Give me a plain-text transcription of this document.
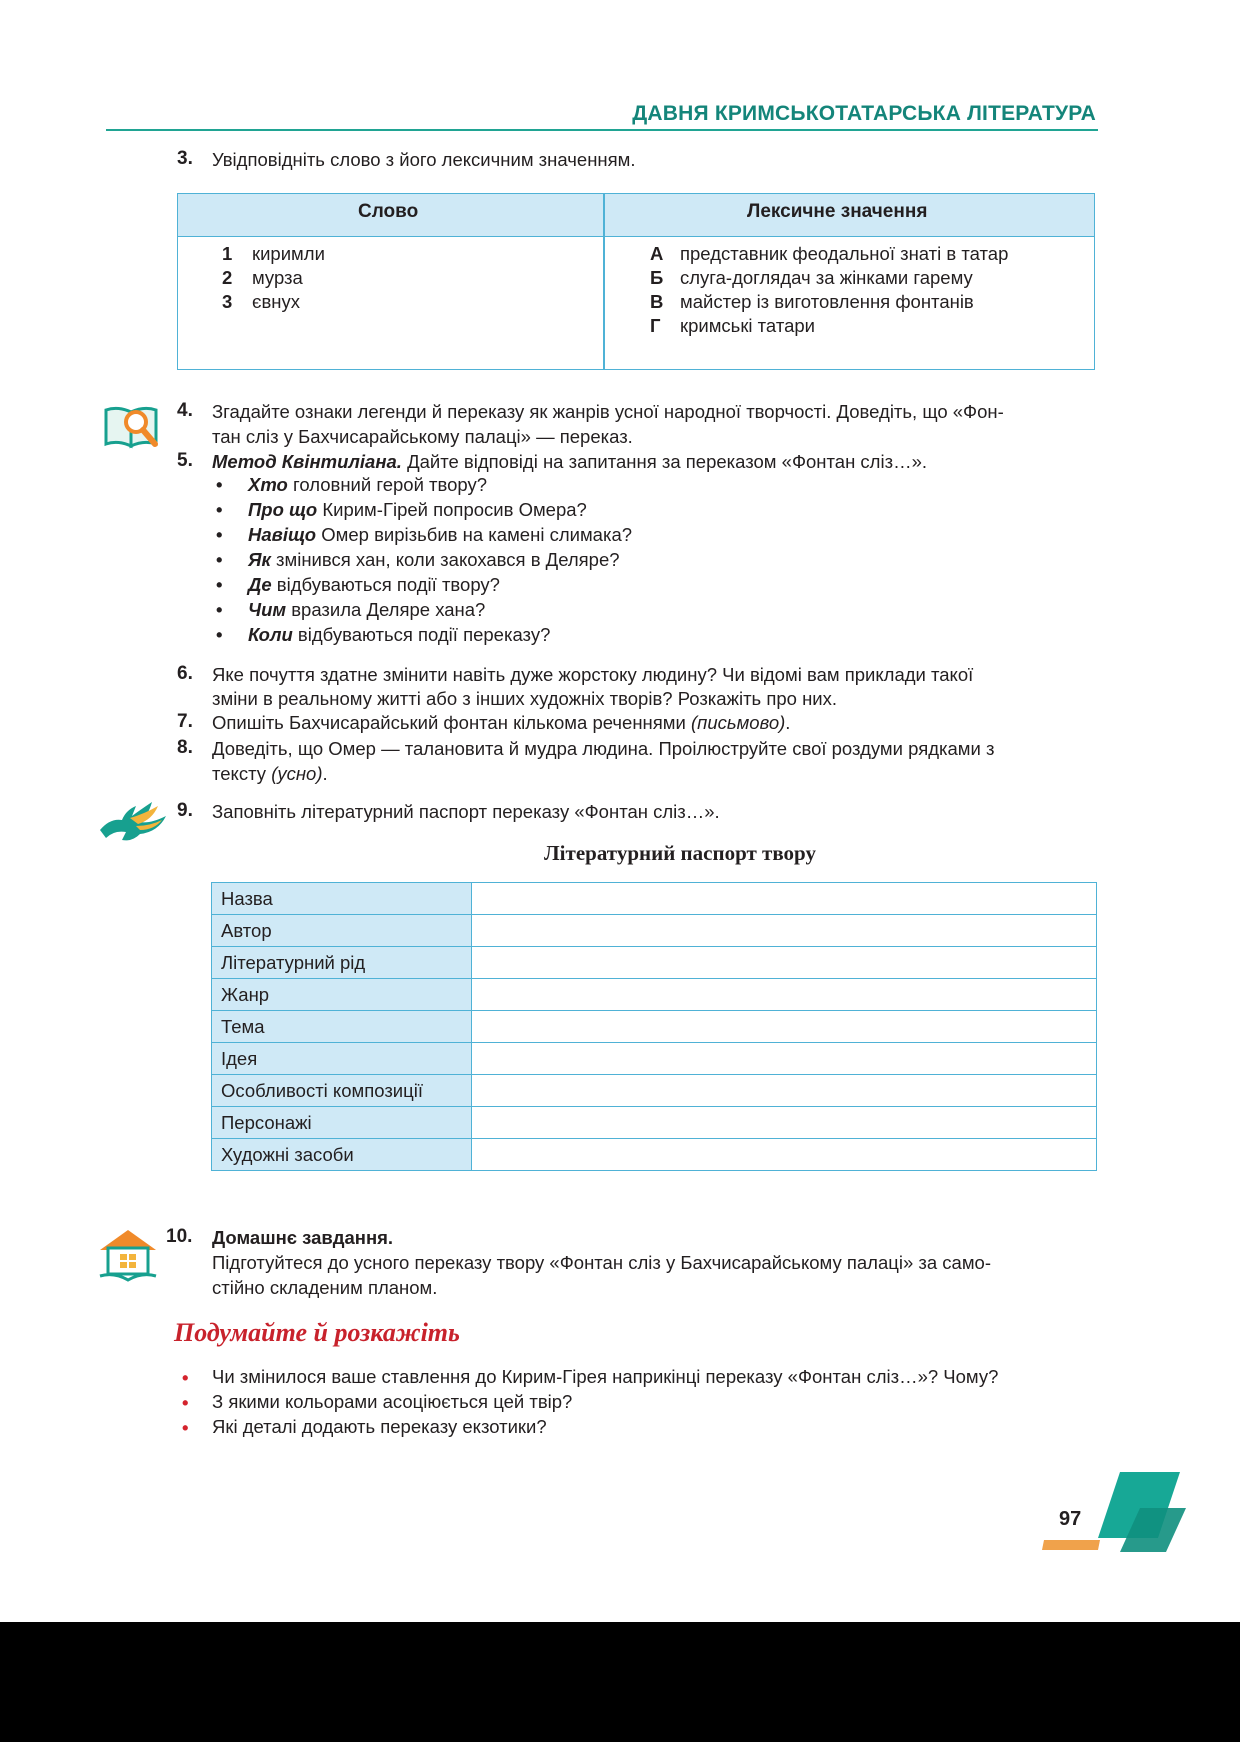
ДАВНЯ КРИМСЬКОТАТАРСЬКА ЛІТЕРАТУРА
3. Увідповідніть слово з його лексичним значенням.
Слово	Лексичне значення
1 киримли
2 мурза
3 євнух
А представник феодальної знаті в татар
Б слуга-доглядач за жінками гарему
В майстер із виготовлення фонтанів
Г кримські татари
4. Згадайте ознаки легенди й переказу як жанрів усної народної творчості. Доведіть, що «Фон-
тан сліз у Бахчисарайському палаці» — переказ.
5. Метод Квінтиліана. Дайте відповіді на запитання за переказом «Фонтан сліз…».
• Хто головний герой твору?
• Про що Кирим-Гірей попросив Омера?
• Навіщо Омер вирізьбив на камені слимака?
• Як змінився хан, коли закохався в Деляре?
• Де відбуваються події твору?
• Чим вразила Деляре хана?
• Коли відбуваються події переказу?
6. Яке почуття здатне змінити навіть дуже жорстоку людину? Чи відомі вам приклади такої
зміни в реальному житті або з інших художніх творів? Розкажіть про них.
7. Опишіть Бахчисарайський фонтан кількома реченнями (письмово).
8. Доведіть, що Омер — талановита й мудра людина. Проілюструйте свої роздуми рядками з
тексту (усно).
9. Заповніть літературний паспорт переказу «Фонтан сліз…».
Літературний паспорт твору
Назва	
Автор	
Літературний рід	
Жанр	
Тема	
Ідея	
Особливості композиції	
Персонажі	
Художні засоби	
10. Домашнє завдання.
Підготуйтеся до усного переказу твору «Фонтан сліз у Бахчисарайському палаці» за само-
стійно складеним планом.
Подумайте й розкажіть
• Чи змінилося ваше ставлення до Кирим-Гірея наприкінці переказу «Фонтан сліз…»? Чому?
• З якими кольорами асоціюється цей твір?
• Які деталі додають переказу екзотики?
97
